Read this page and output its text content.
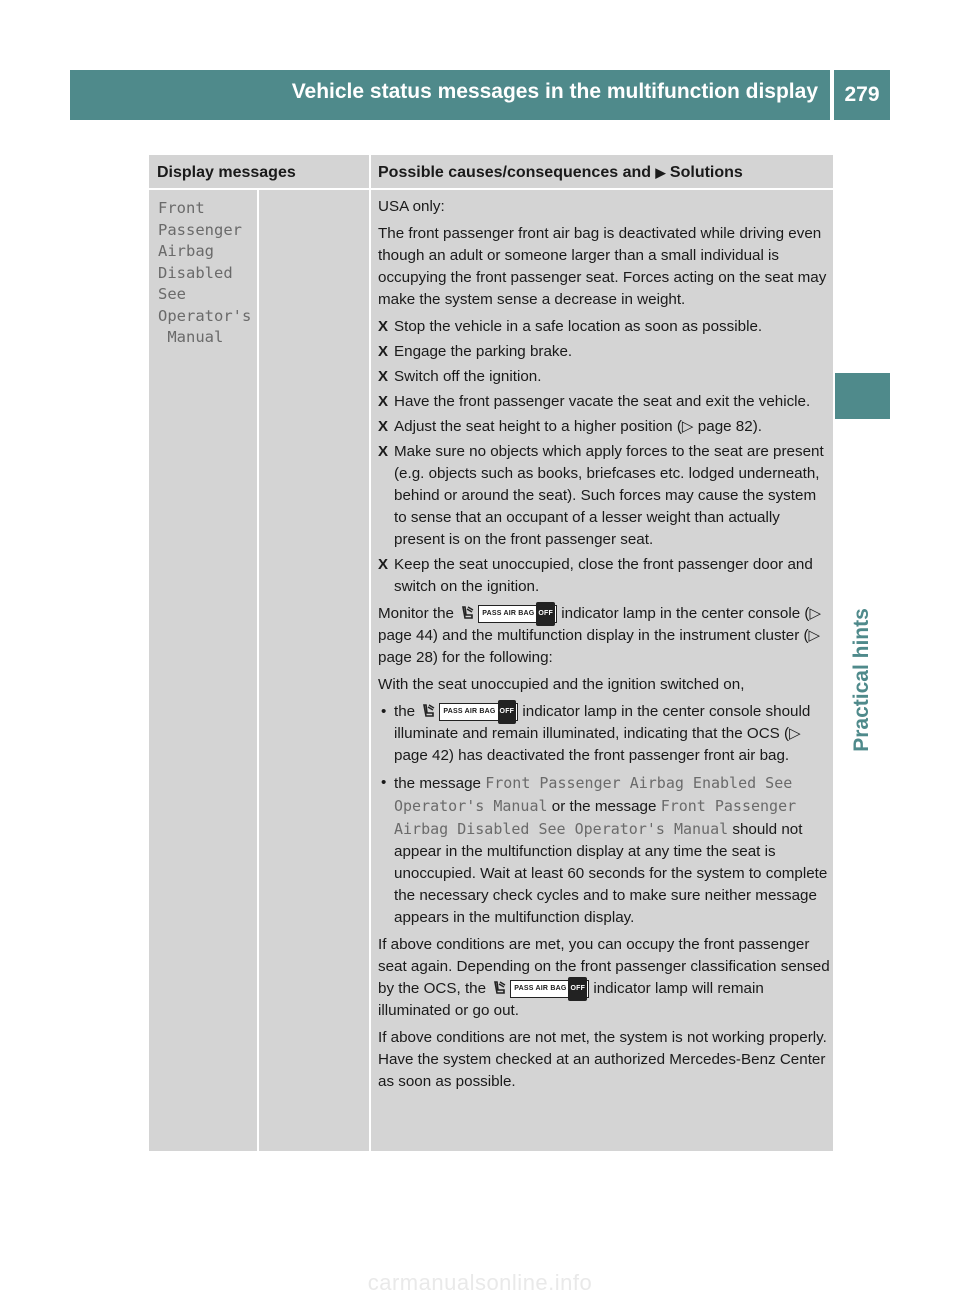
Vehicle status messages in the multifunction display	279
Practical hints
Display messages	Possible causes/consequences and ▶ Solutions
Front
Passenger
Airbag
Disabled
See
Operator's
Manual

USA only:

The front passenger front air bag is deactivated while driving even though an adult or someone larger than a small individual is occupying the front passenger seat. Forces acting on the seat may make the system sense a decrease in weight.

X Stop the vehicle in a safe location as soon as possible.
X Engage the parking brake.
X Switch off the ignition.
X Have the front passenger vacate the seat and exit the vehicle.
X Adjust the seat height to a higher position (▷ page 82).
X Make sure no objects which apply forces to the seat are present (e.g. objects such as books, briefcases etc. lodged underneath, behind or around the seat). Such forces may cause the system to sense that an occupant of a lesser weight than actually present is on the front passenger seat.
X Keep the seat unoccupied, close the front passenger door and switch on the ignition.

Monitor the	PASS AIR BAG OFF indicator lamp in the center console (▷ page 44) and the multifunction display in the instrument cluster (▷ page 28) for the following:

With the seat unoccupied and the ignition switched on,

• the	PASS AIR BAG OFF indicator lamp in the center console should illuminate and remain illuminated, indicating that the OCS (▷ page 42) has deactivated the front passenger front air bag.
• the message Front Passenger Airbag Enabled See Operator's Manual or the message Front Passenger Airbag Disabled See Operator's Manual should not appear in the multifunction display at any time the seat is unoccupied. Wait at least 60 seconds for the system to complete the necessary check cycles and to make sure neither message appears in the multifunction display.

If above conditions are met, you can occupy the front passenger seat again. Depending on the front passenger classification sensed by the OCS, the	PASS AIR BAG OFF indicator lamp will remain illuminated or go out.

If above conditions are not met, the system is not working properly. Have the system checked at an authorized Mercedes-Benz Center as soon as possible.

carmanualsonline.info
